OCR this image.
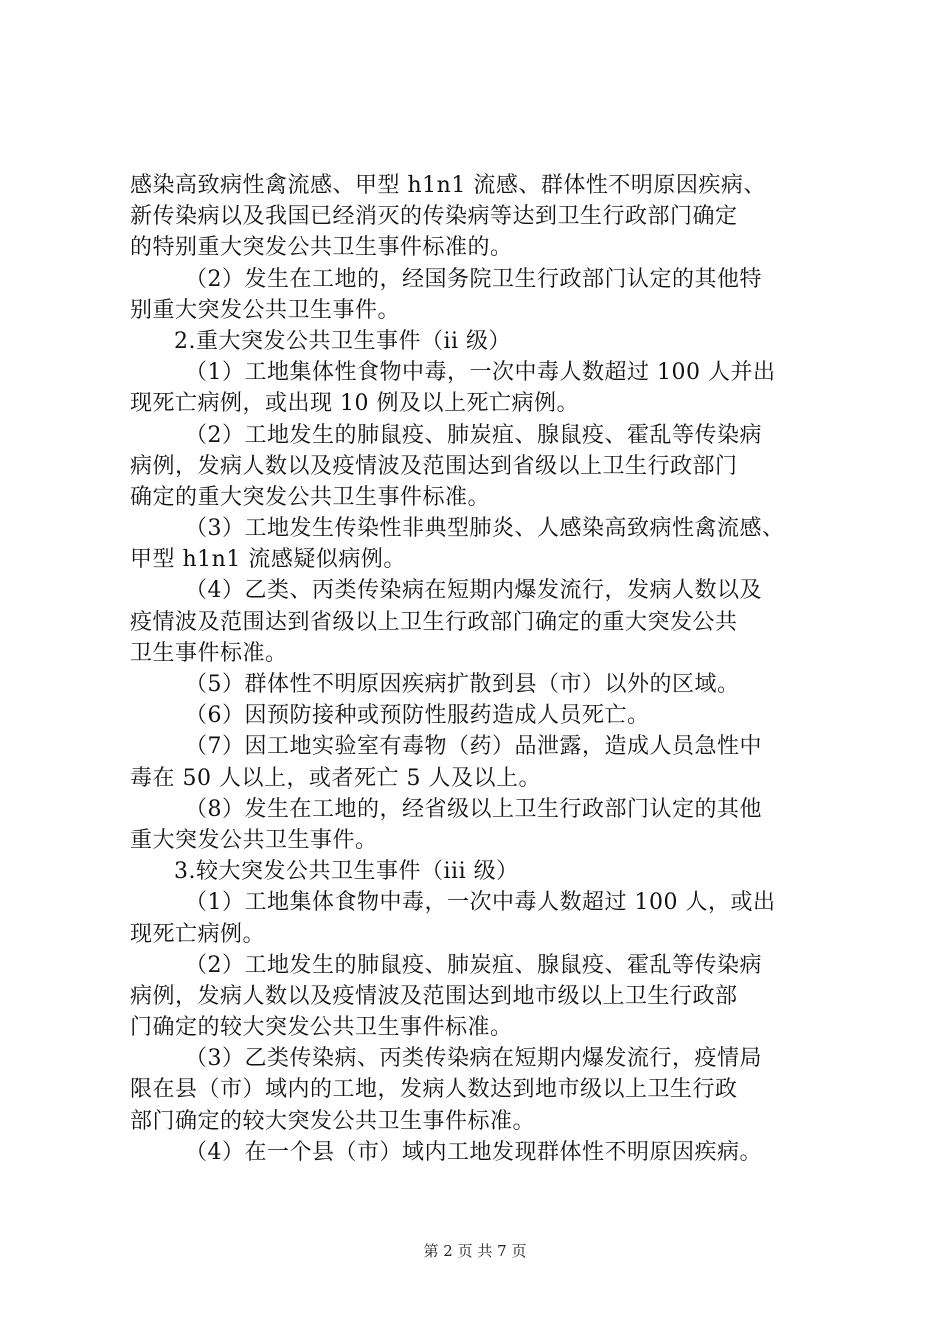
感染高致病性禽流感、甲型 h1n1 流感、群体性不明原因疾病、
新传染病以及我国已经消灭的传染病等达到卫生行政部门确定
的特别重大突发公共卫生事件标准的。
（2）发生在工地的，经国务院卫生行政部门认定的其他特
别重大突发公共卫生事件。
2.重大突发公共卫生事件（ii 级）
（1）工地集体性食物中毒，一次中毒人数超过 100 人并出
现死亡病例，或出现 10 例及以上死亡病例。
（2）工地发生的肺鼠疫、肺炭疽、腺鼠疫、霍乱等传染病
病例，发病人数以及疫情波及范围达到省级以上卫生行政部门
确定的重大突发公共卫生事件标准。
（3）工地发生传染性非典型肺炎、人感染高致病性禽流感、
甲型 h1n1 流感疑似病例。
（4）乙类、丙类传染病在短期内爆发流行，发病人数以及
疫情波及范围达到省级以上卫生行政部门确定的重大突发公共
卫生事件标准。
（5）群体性不明原因疾病扩散到县（市）以外的区域。
（6）因预防接种或预防性服药造成人员死亡。
（7）因工地实验室有毒物（药）品泄露，造成人员急性中
毒在 50 人以上，或者死亡 5 人及以上。
（8）发生在工地的，经省级以上卫生行政部门认定的其他
重大突发公共卫生事件。
3.较大突发公共卫生事件（iii 级）
（1）工地集体食物中毒，一次中毒人数超过 100 人，或出
现死亡病例。
（2）工地发生的肺鼠疫、肺炭疽、腺鼠疫、霍乱等传染病
病例，发病人数以及疫情波及范围达到地市级以上卫生行政部
门确定的较大突发公共卫生事件标准。
（3）乙类传染病、丙类传染病在短期内爆发流行，疫情局
限在县（市）域内的工地，发病人数达到地市级以上卫生行政
部门确定的较大突发公共卫生事件标准。
（4）在一个县（市）域内工地发现群体性不明原因疾病。
第 2 页 共 7 页
